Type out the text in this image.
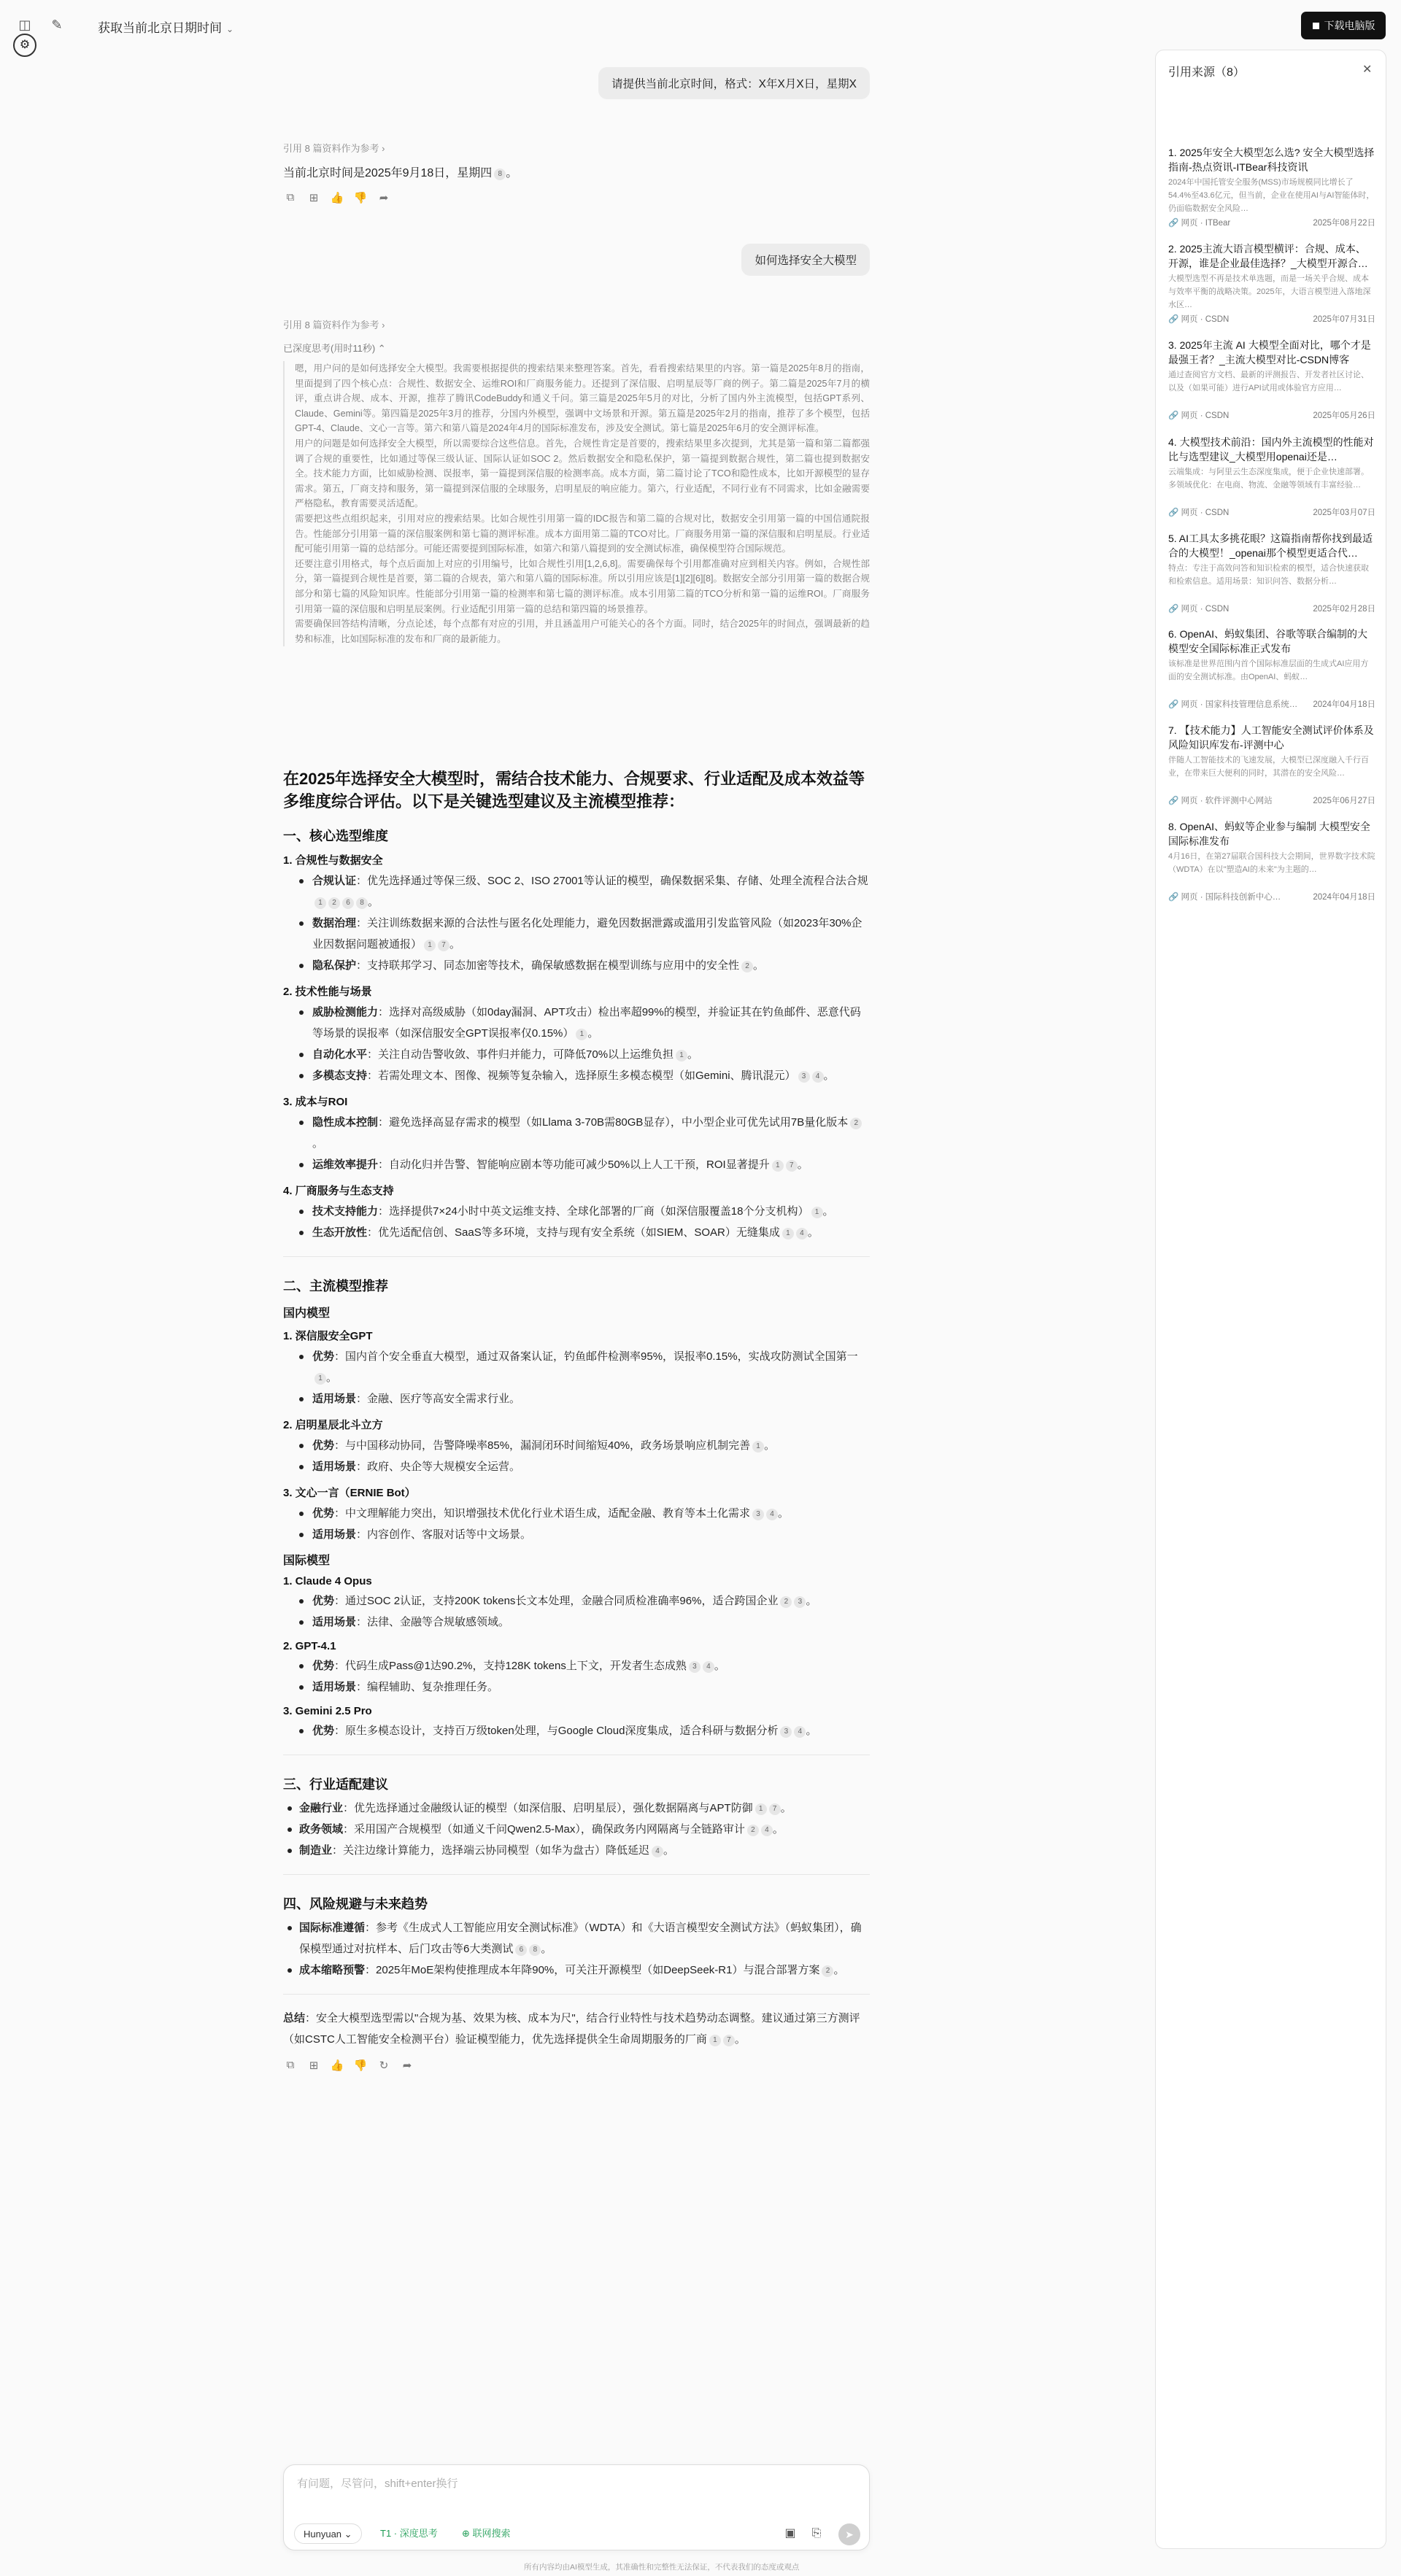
◫ ✎	获取当前北京日期时间 ⌄	下载电脑版
⚙
请提供当前北京时间，格式：X年X月X日，星期X
引用 8 篇资料作为参考 ›
当前北京时间是2025年9月18日，星期四 8 。
⧉	⊞ 👍 👎 ➦
如何选择安全大模型
引用 8 篇资料作为参考 ›
已深度思考(用时11秒) ⌃

嗯，用户问的是如何选择安全大模型。我需要根据提供的搜索结果来整理答案。首先，看看搜索结果里的内容。第一篇是2025年8月的指南，里面提到了四个核心点：合规性、数据安全、运维ROI和厂商服务能力。还提到了深信服、启明星辰等厂商的例子。第二篇是2025年7月的横评，重点讲合规、成本、开源，推荐了腾讯CodeBuddy和通义千问。第三篇是2025年5月的对比，分析了国内外主流模型，包括GPT系列、Claude、Gemini等。第四篇是2025年3月的推荐，分国内外模型，强调中文场景和开源。第五篇是2025年2月的指南，推荐了多个模型，包括GPT-4、Claude、文心一言等。第六和第八篇是2024年4月的国际标准发布，涉及安全测试。第七篇是2025年6月的安全测评标准。

用户的问题是如何选择安全大模型，所以需要综合这些信息。首先，合规性肯定是首要的，搜索结果里多次提到，尤其是第一篇和第二篇都强调了合规的重要性，比如通过等保三级认证、国际认证如SOC 2。然后数据安全和隐私保护，第一篇提到数据合规性，第二篇也提到数据安全。技术能力方面，比如威胁检测、误报率，第一篇提到深信服的检测率高。成本方面，第二篇讨论了TCO和隐性成本，比如开源模型的显存需求。第五，厂商支持和服务，第一篇提到深信服的全球服务，启明星辰的响应能力。第六，行业适配，不同行业有不同需求，比如金融需要严格隐私，教育需要灵活适配。

需要把这些点组织起来，引用对应的搜索结果。比如合规性引用第一篇的IDC报告和第二篇的合规对比，数据安全引用第一篇的中国信通院报告。性能部分引用第一篇的深信服案例和第七篇的测评标准。成本方面用第二篇的TCO对比。厂商服务用第一篇的深信服和启明星辰。行业适配可能引用第一篇的总结部分。可能还需要提到国际标准，如第六和第八篇提到的安全测试标准，确保模型符合国际规范。

还要注意引用格式，每个点后面加上对应的引用编号，比如合规性引用[1,2,6,8]。需要确保每个引用都准确对应到相关内容。例如，合规性部分，第一篇提到合规性是首要，第二篇的合规表，第六和第八篇的国际标准。所以引用应该是[1][2][6][8]。数据安全部分引用第一篇的数据合规部分和第七篇的风险知识库。性能部分引用第一篇的检测率和第七篇的测评标准。成本引用第二篇的TCO分析和第一篇的运维ROI。厂商服务引用第一篇的深信服和启明星辰案例。行业适配引用第一篇的总结和第四篇的场景推荐。

需要确保回答结构清晰，分点论述，每个点都有对应的引用，并且涵盖用户可能关心的各个方面。同时，结合2025年的时间点，强调最新的趋势和标准，比如国际标准的发布和厂商的最新能力。

在2025年选择安全大模型时，需结合技术能力、合规要求、行业适配及成本效益等多维度综合评估。以下是关键选型建议及主流模型推荐：
一、核心选型维度
1. 合规性与数据安全
合规认证：优先选择通过等保三级、SOC 2、ISO 27001等认证的模型，确保数据采集、存储、处理全流程合法合规1 2 6 8 。
数据治理：关注训练数据来源的合法性与匿名化处理能力，避免因数据泄露或滥用引发监管风险（如2023年30%企业因数据问题被通报） 1 7 。
隐私保护：支持联邦学习、同态加密等技术，确保敏感数据在模型训练与应用中的安全性 2 。
2. 技术性能与场景
威胁检测能力：选择对高级威胁（如0day漏洞、APT攻击）检出率超99%的模型，并验证其在钓鱼邮件、恶意代码等场景的误报率（如深信服安全GPT误报率仅0.15%） 1 。
自动化水平：关注自动告警收敛、事件归并能力，可降低70%以上运维负担 1 。
多模态支持：若需处理文本、图像、视频等复杂输入，选择原生多模态模型（如Gemini、腾讯混元） 3 4 。
3. 成本与ROI
隐性成本控制：避免选择高显存需求的模型（如Llama 3-70B需80GB显存），中小型企业可优先试用7B量化版本 2。
运维效率提升：自动化归并告警、智能响应剧本等功能可减少50%以上人工干预，ROI显著提升 1 7 。
4. 厂商服务与生态支持
技术支持能力：选择提供7×24小时中英文运维支持、全球化部署的厂商（如深信服覆盖18个分支机构） 1 。
生态开放性：优先适配信创、SaaS等多环境，支持与现有安全系统（如SIEM、SOAR）无缝集成 1 4 。
二、主流模型推荐
国内模型
1. 深信服安全GPT
优势：国内首个安全垂直大模型，通过双备案认证，钓鱼邮件检测率95%，误报率0.15%，实战攻防测试全国第一1 。
适用场景：金融、医疗等高安全需求行业。
2. 启明星辰北斗立方
优势：与中国移动协同，告警降噪率85%，漏洞闭环时间缩短40%，政务场景响应机制完善 1 。
适用场景：政府、央企等大规模安全运营。
3. 文心一言（ERNIE Bot）
优势：中文理解能力突出，知识增强技术优化行业术语生成，适配金融、教育等本土化需求 3 4 。
适用场景：内容创作、客服对话等中文场景。
国际模型
1. Claude 4 Opus
优势：通过SOC 2认证，支持200K tokens长文本处理，金融合同质检准确率96%，适合跨国企业 2 3 。
适用场景：法律、金融等合规敏感领域。
2. GPT-4.1
优势：代码生成Pass@1达90.2%，支持128K tokens上下文，开发者生态成熟 3 4 。
适用场景：编程辅助、复杂推理任务。
3. Gemini 2.5 Pro
优势：原生多模态设计，支持百万级token处理，与Google Cloud深度集成，适合科研与数据分析 3 4 。
三、行业适配建议
金融行业：优先选择通过金融级认证的模型（如深信服、启明星辰），强化数据隔离与APT防御 1 7 。
政务领域：采用国产合规模型（如通义千问Qwen2.5-Max），确保政务内网隔离与全链路审计 2 4 。
制造业：关注边缘计算能力，选择端云协同模型（如华为盘古）降低延迟 4 。
四、风险规避与未来趋势
国际标准遵循：参考《生成式人工智能应用安全测试标准》（WDTA）和《大语言模型安全测试方法》（蚂蚁集团），确保模型通过对抗样本、后门攻击等6大类测试 6 8 。
成本缩略预警：2025年MoE架构使推理成本年降90%，可关注开源模型（如DeepSeek-R1）与混合部署方案 2 。
总结：安全大模型选型需以"合规为基、效果为核、成本为尺"，结合行业特性与技术趋势动态调整。建议通过第三方测评（如CSTC人工智能安全检测平台）验证模型能力，优先选择提供全生命周期服务的厂商 1 7 。
⧉	⊞ 👍 👎 ↻ ➦
有问题，尽管问，shift+enter换行
Hunyuan ⌄	T1 · 深度思考	⊕ 联网搜索	▣	⎘	➤
所有内容均由AI模型生成，其准确性和完整性无法保证，不代表我们的态度或观点
引用来源（8）	✕
1. 2025年安全大模型怎么选? 安全大模型选择指南-热点资讯-ITBear科技资讯
2024年中国托管安全服务(MSS)市场规模同比增长了54.4%至43.6亿元，但当前，企业在使用AI与AI智能体时，仍面临数据安全风险…
🔗 网页 · ITBear	2025年08月22日
2. 2025主流大语言模型横评：合规、成本、开源，谁是企业最佳选择？_大模型开源合…
大模型选型不再是技术单选题，而是一场关乎合规、成本与效率平衡的战略决策。2025年，大语言模型进入落地深水区…
🔗 网页 · CSDN	2025年07月31日
3. 2025年主流 AI 大模型全面对比，哪个才是最强王者？_主流大模型对比-CSDN博客
通过查阅官方文档、最新的评测报告、开发者社区讨论、以及（如果可能）进行API试用或体验官方应用…
🔗 网页 · CSDN	2025年05月26日
4. 大模型技术前沿：国内外主流模型的性能对比与选型建议_大模型用openai还是…
云端集成：与阿里云生态深度集成，便于企业快速部署。多领域优化：在电商、物流、金融等领域有丰富经验…
🔗 网页 · CSDN	2025年03月07日
5. AI工具太多挑花眼？这篇指南帮你找到最适合的大模型！_openai那个模型更适合代…
特点：专注于高效问答和知识检索的模型，适合快速获取和检索信息。适用场景：知识问答、数据分析…
🔗 网页 · CSDN	2025年02月28日
6. OpenAI、蚂蚁集团、谷歌等联合编制的大模型安全国际标准正式发布
该标准是世界范围内首个国际标准层面的生成式AI应用方面的安全测试标准。由OpenAI、蚂蚁…
🔗 网页 · 国家科技管理信息系统… 2024年04月18日
7. 【技术能力】人工智能安全测试评价体系及风险知识库发布-评测中心
伴随人工智能技术的飞速发展，大模型已深度融入千行百业，在带来巨大便利的同时，其潜在的安全风险…
🔗 网页 · 软件评测中心网站	2025年06月27日
8. OpenAI、蚂蚁等企业参与编制 大模型安全国际标准发布
4月16日，在第27届联合国科技大会期间，世界数字技术院（WDTA）在以"塑造AI的未来"为主题的…
🔗 网页 · 国际科技创新中心…	2024年04月18日
